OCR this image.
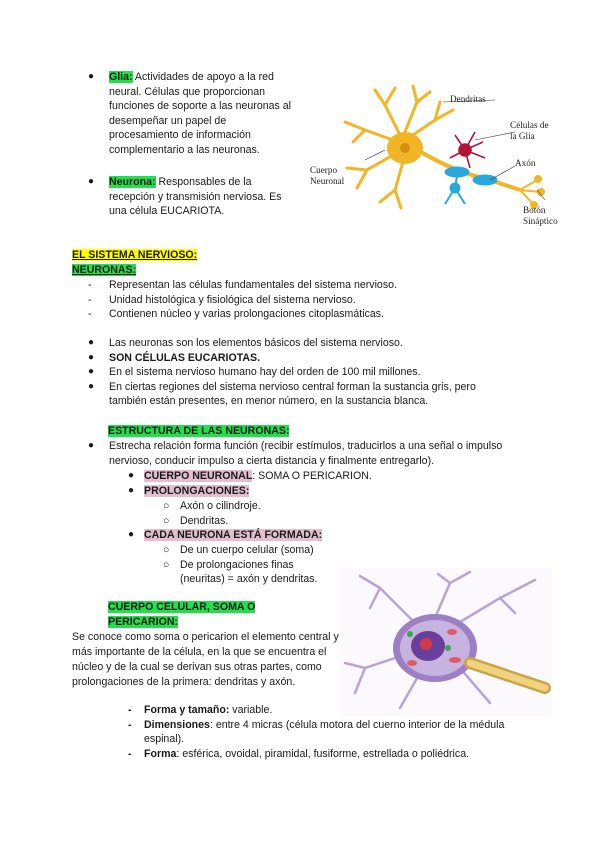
● Glia: Actividades de apoyo a la red neural. Células que proporcionan funciones de soporte a las neuronas al desempeñar un papel de procesamiento de información complementario a las neuronas.
● Neurona: Responsables de la recepción y transmisión nerviosa. Es una célula EUCARIOTA.
Dendritas
Células de
la Glia
Axón
Cuerpo
Neuronal
Botón
Sináptico
EL SISTEMA NERVIOSO:
NEURONAS:
- Representan las células fundamentales del sistema nervioso.
- Unidad histológica y fisiológica del sistema nervioso.
- Contienen núcleo y varias prolongaciones citoplasmáticas.
● Las neuronas son los elementos básicos del sistema nervioso.
● SON CÉLULAS EUCARIOTAS.
● En el sistema nervioso humano hay del orden de 100 mil millones.
● En ciertas regiones del sistema nervioso central forman la sustancia gris, pero también están presentes, en menor número, en la sustancia blanca.
ESTRUCTURA DE LAS NEURONAS:
● Estrecha relación forma función (recibir estímulos, traducirlos a una señal o impulso nervioso, conducir impulso a cierta distancia y finalmente entregarlo).
● CUERPO NEURONAL: SOMA O PERICARION.
● PROLONGACIONES:
○ Axón o cilindroje.
○ Dendritas.
● CADA NEURONA ESTÁ FORMADA:
○ De un cuerpo celular (soma)
○ De prolongaciones finas (neuritas) = axón y dendritas.
CUERPO CELULAR, SOMA O
PERICARION:
Se conoce como soma o pericarion el elemento central y más importante de la célula, en la que se encuentra el núcleo y de la cual se derivan sus otras partes, como prolongaciones de la primera: dendritas y axón.
- Forma y tamaño: variable.
- Dimensiones: entre 4 micras (célula motora del cuerno interior de la médula espinal).
- Forma: esférica, ovoidal, piramidal, fusiforme, estrellada o poliédrica.
